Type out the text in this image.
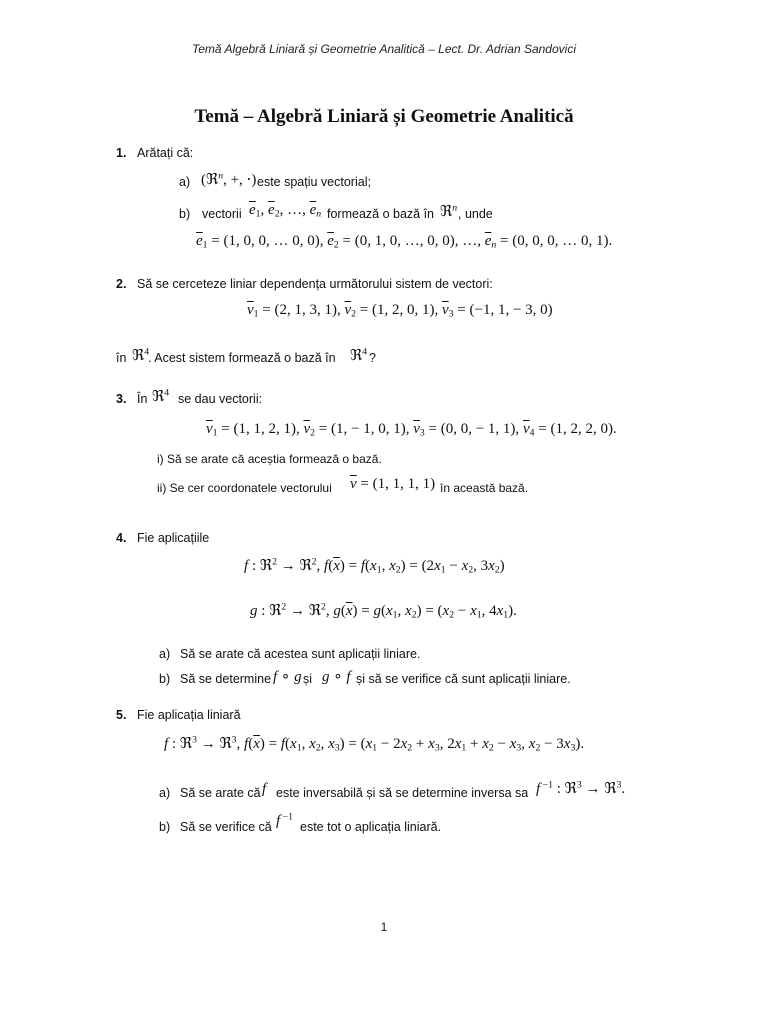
Temă Algebră Liniară și Geometrie Analitică – Lect. Dr. Adrian Sandovici
Temă – Algebră Liniară și Geometrie Analitică
1. Arătați că:
a) (ℜ$^n$, +, ⋅) este spațiu vectorial;
b) vectorii $\overline{e}_1$, $\overline{e}_2$, …, $\overline{e}_n$ formează o bază în ℜ$^n$ , unde
$\overline{e}_1 = (1$, 0, 0, … 0, 0), $\overline{e}_2 = (0$, 1, 0, …, 0, 0), …, $\overline{e}_n = (0$, 0, 0, … 0, 1).
2. Să se cerceteze liniar dependența următorului sistem de vectori:
$\overline{v}_1 = (2$, 1, 3, 1), $\overline{v}_2 = (1$, 2, 0, 1), $\overline{v}_3 = (-1$, 1, − 3, 0)
în ℜ$^4$
. Acest sistem formează o bază în ℜ$^4$ ?
3. În ℜ$^4$ se dau vectorii:
$\overline{v}_1 = (1$, 1, 2, 1), $\overline{v}_2 = (1$, − 1, 0, 1), $\overline{v}_3 = (0$, 0, − 1, 1), $\overline{v}_4 = (1$, 2, 2, 0).
i) Să se arate că aceștia formează o bază.
ii) Se cer coordonatele vectorului $\overline{v} = (1$, 1, 1, 1) în această bază.
4. Fie aplicațiile
f : ℜ$^2$ → ℜ$^2$, $f(\overline{x}) = f(x_1$, $x_2) = (2x_1 - x_2$, $3x_2$)
g : ℜ$^2$ → ℜ$^2$, $g(\overline{x}) = g(x_1$, $x_2) = (x_2 - x_1$, $4x_1$).
a) Să se arate că acestea sunt aplicații liniare.
b) Să se determine f ∘ g și g ∘ f și să se verifice că sunt aplicații liniare.
5. Fie aplicația liniară
f : ℜ$^3$ → ℜ$^3$, $f(\overline{x}) = f(x_1$, $x_2$, $x_3) = (x_1 - 2x_2 + x_3$, $2x_1 + x_2 - x_3$, $x_2 - 3x_3$).
a) Să se arate că f este inversabilă și să se determine inversa sa f $^{-1}$ : ℜ$^3$ → ℜ$^3$.
b) Să se verifice că f $^{-1}$
este tot o aplicația liniară.
1
